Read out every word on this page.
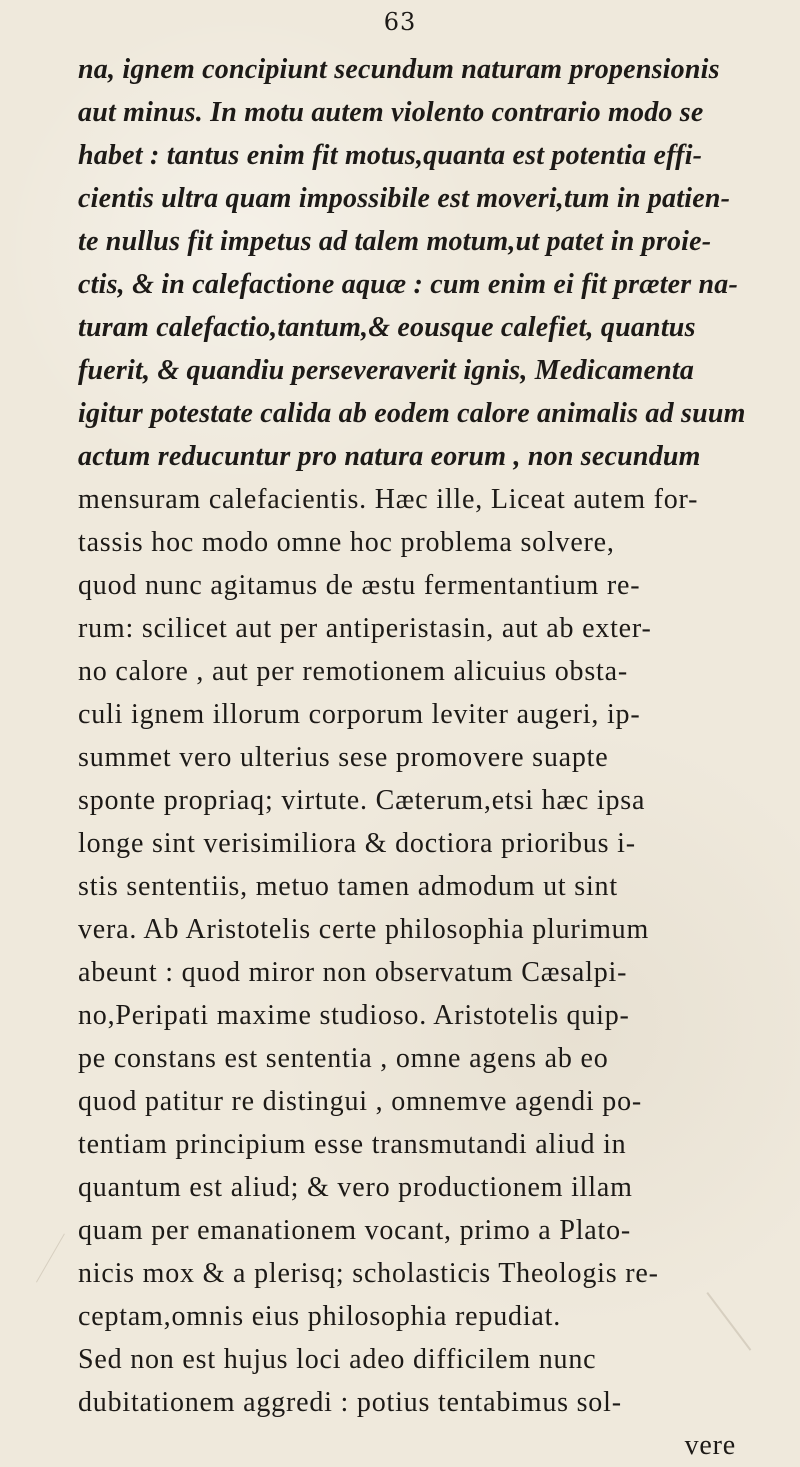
63
na, ignem concipiunt secundum naturam propensionis
aut minus. In motu autem violento contrario modo se
habet : tantus enim fit motus,quanta est potentia effi-
cientis ultra quam impossibile est moveri,tum in patien-
te nullus fit impetus ad talem motum,ut patet in proie-
ctis, & in calefactione aquæ : cum enim ei fit præter na-
turam calefactio,tantum,& eousque calefiet, quantus
fuerit, & quandiu perseveraverit ignis, Medicamenta
igitur potestate calida ab eodem calore animalis ad suum
actum reducuntur pro natura eorum , non secundum
mensuram calefacientis. Hæc ille, Liceat autem for-
tassis hoc modo omne hoc problema solvere,
quod nunc agitamus de æstu fermentantium re-
rum: scilicet aut per antiperistasin, aut ab exter-
no calore , aut per remotionem alicuius obsta-
culi ignem illorum corporum leviter augeri, ip-
summet vero ulterius sese promovere suapte
sponte propriaq; virtute. Cæterum,etsi hæc ipsa
longe sint verisimiliora & doctiora prioribus i-
stis sententiis, metuo tamen admodum ut sint
vera. Ab Aristotelis certe philosophia plurimum
abeunt : quod miror non observatum Cæsalpi-
no,Peripati maxime studioso. Aristotelis quip-
pe constans est sententia , omne agens ab eo
quod patitur re distingui , omnemve agendi po-
tentiam principium esse transmutandi aliud in
quantum est aliud; & vero productionem illam
quam per emanationem vocant, primo a Plato-
nicis mox & a plerisq; scholasticis Theologis re-
ceptam,omnis eius philosophia repudiat.
Sed non est hujus loci adeo difficilem nunc
dubitationem aggredi : potius tentabimus sol-
vere
